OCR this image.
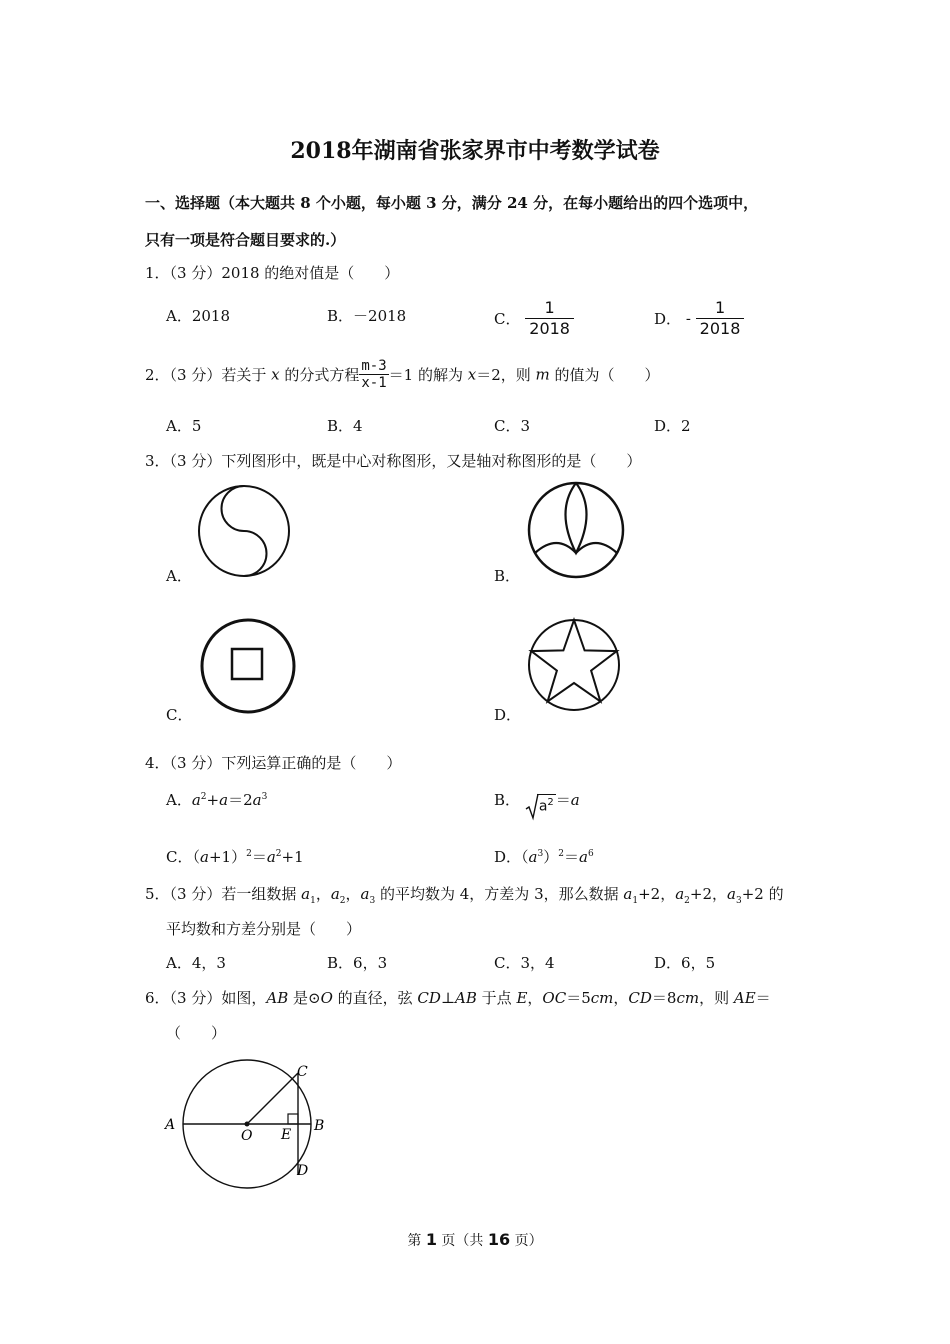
2018年湖南省张家界市中考数学试卷
一、选择题（本大题共 8 个小题，每小题 3 分，满分 24 分，在每小题给出的四个选项中，
只有一项是符合题目要求的.）
1．（3 分）2018 的绝对值是（　　）
A．2018	B．－2018	C． $\frac{1}{2018}$	D． - $\frac{1}{2018}$
2．（3 分）若关于 x 的分式方程 $\frac{m-3}{x-1} =1$ 的解为 x＝2，则 m 的值为（　　）
A．5	B．4	C．3	D．2
3．（3 分）下列图形中，既是中心对称图形，又是轴对称图形的是（　　）
A．	B．
C．	D．
4．（3 分）下列运算正确的是（　　）
A．$a^2+a=2a^3$	B． $a^2 =a$
C．$(a+1)^2=a^2+1$	D．$(a^3)^2=a^6$
5．（3 分）若一组数据 $a_1$，$a_2$，$a_3$ 的平均数为 4，方差为 3，那么数据 $a_1+2$，$a_2+2$，$a_3+2$ 的
平均数和方差分别是（　　）
A．4，3	B．6，3	C．3，4	D．6，5
6．（3 分）如图，AB 是⊙O 的直径，弦 CD⊥AB 于点 E，OC＝5cm，CD＝8cm，则 AE＝
（　　）
A	B
C
D
O E
第 1 页（共 16 页）
